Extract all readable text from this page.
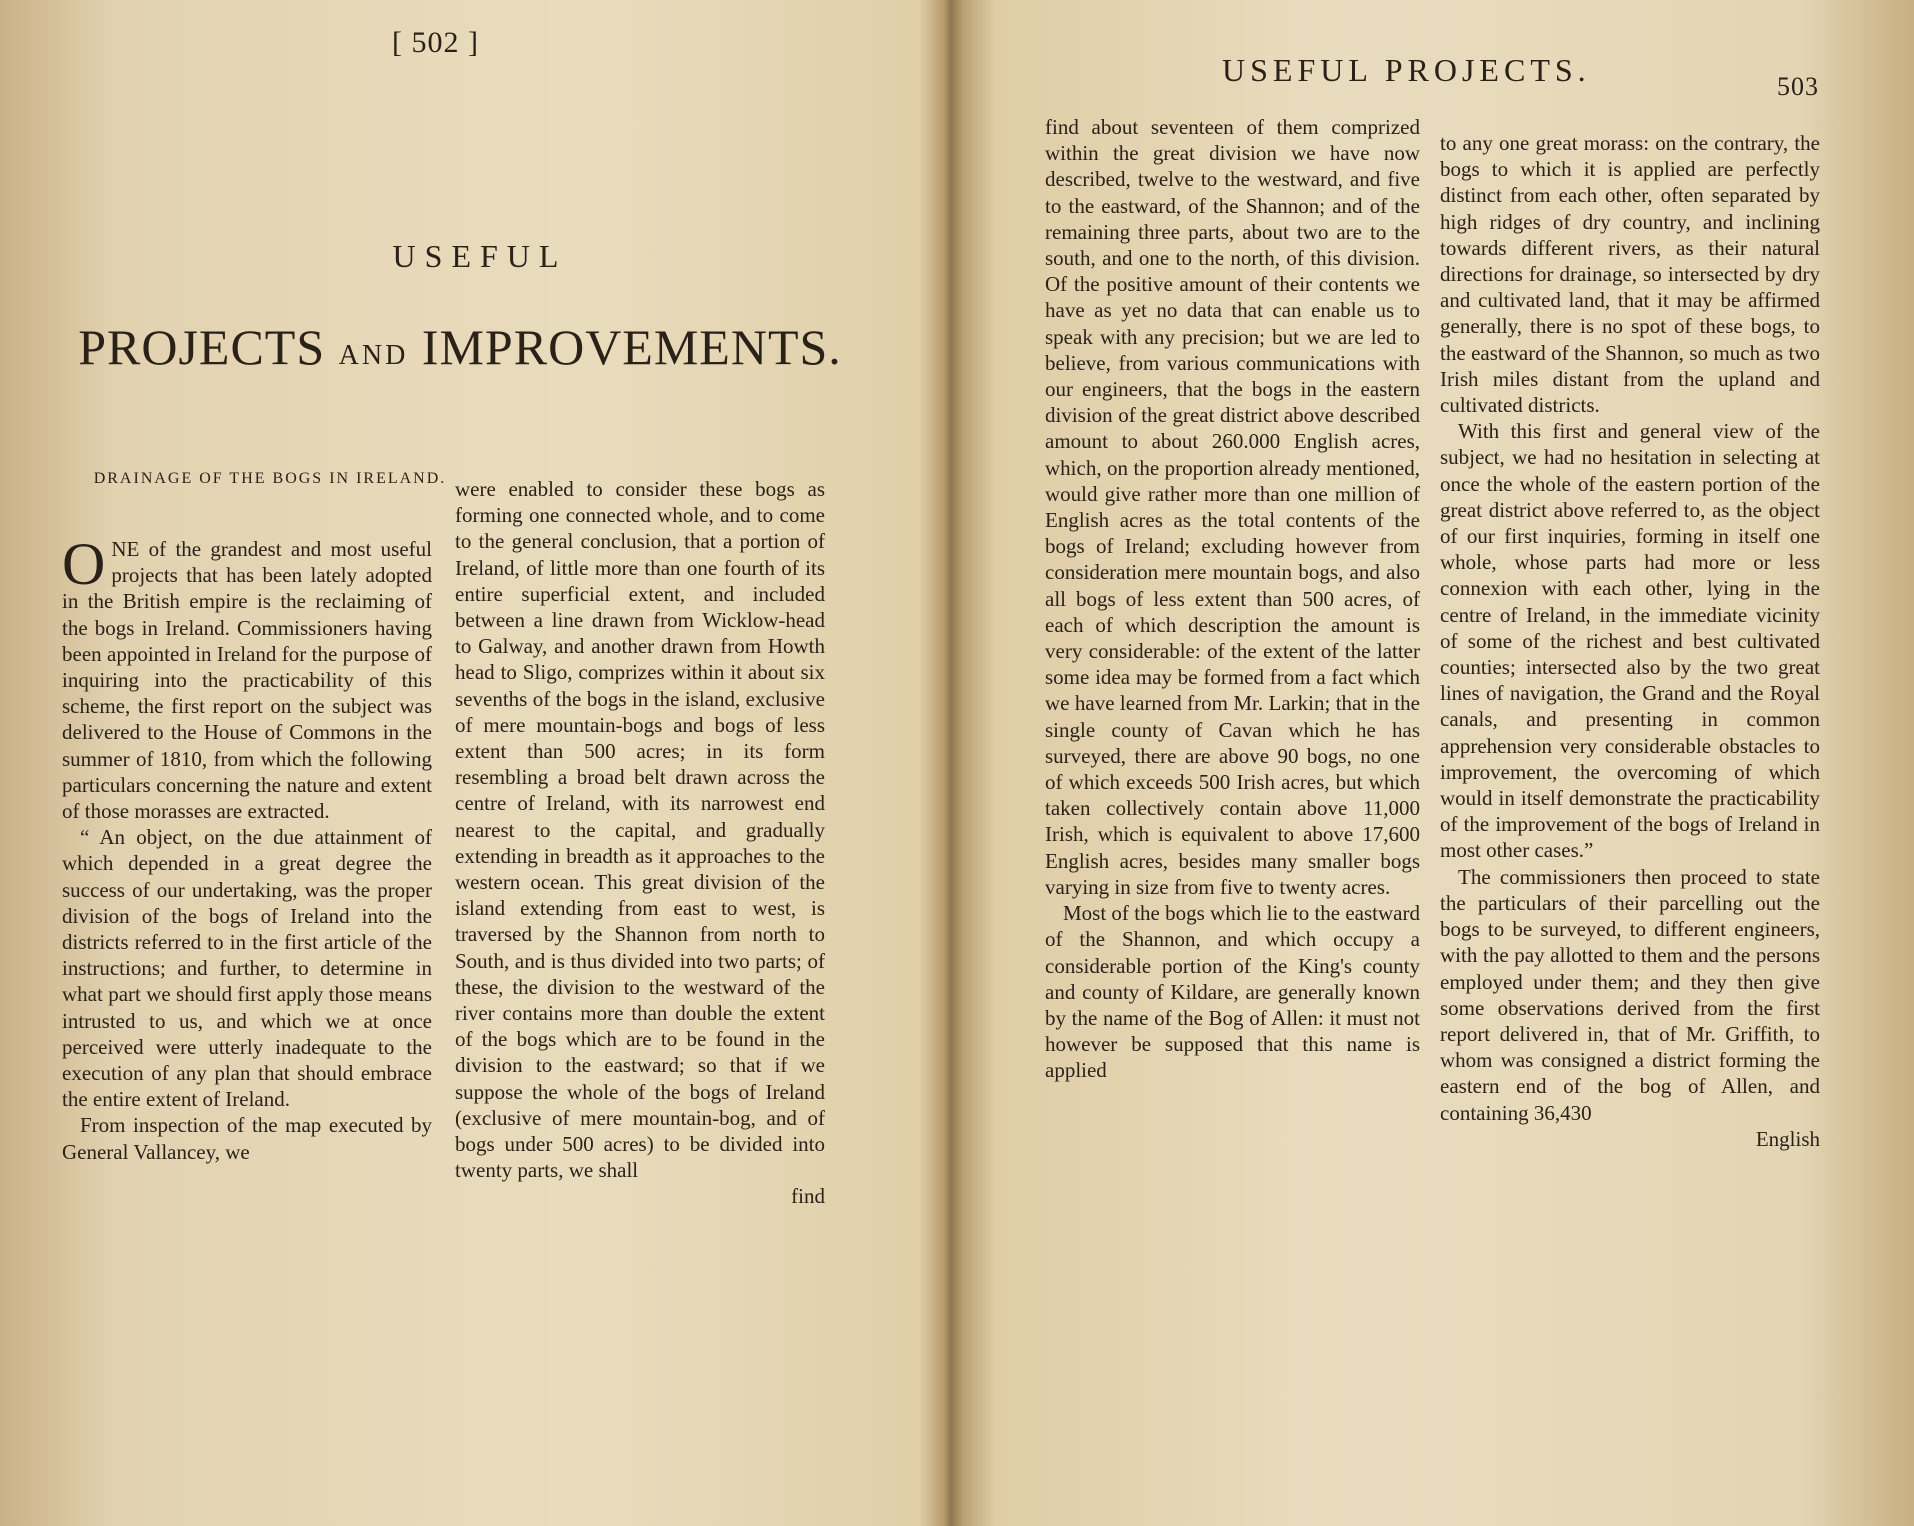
[ 502 ]
USEFUL
PROJECTS AND IMPROVEMENTS.
DRAINAGE OF THE BOGS IN IRELAND.

ONE of the grandest and most useful projects that has been lately adopted in the British empire is the reclaiming of the bogs in Ireland. Commissioners having been appointed in Ireland for the purpose of inquiring into the practicability of this scheme, the first report on the subject was delivered to the House of Commons in the summer of 1810, from which the following particulars concerning the nature and extent of those morasses are extracted.

“ An object, on the due attainment of which depended in a great degree the success of our undertaking, was the proper division of the bogs of Ireland into the districts referred to in the first article of the instructions; and further, to determine in what part we should first apply those means intrusted to us, and which we at once perceived were utterly inadequate to the execution of any plan that should embrace the entire extent of Ireland.

From inspection of the map executed by General Vallancey, we

were enabled to consider these bogs as forming one connected whole, and to come to the general conclusion, that a portion of Ireland, of little more than one fourth of its entire superficial extent, and included between a line drawn from Wicklow-head to Galway, and another drawn from Howth head to Sligo, comprizes within it about six sevenths of the bogs in the island, exclusive of mere mountain-bogs and bogs of less extent than 500 acres; in its form resembling a broad belt drawn across the centre of Ireland, with its narrowest end nearest to the capital, and gradually extending in breadth as it approaches to the western ocean. This great division of the island extending from east to west, is traversed by the Shannon from north to South, and is thus divided into two parts; of these, the division to the westward of the river contains more than double the extent of the bogs which are to be found in the division to the eastward; so that if we suppose the whole of the bogs of Ireland (exclusive of mere mountain-bog, and of bogs under 500 acres) to be divided into twenty parts, we shall

find

USEFUL PROJECTS.	503

find about seventeen of them comprized within the great division we have now described, twelve to the westward, and five to the eastward, of the Shannon; and of the remaining three parts, about two are to the south, and one to the north, of this division. Of the positive amount of their contents we have as yet no data that can enable us to speak with any precision; but we are led to believe, from various communications with our engineers, that the bogs in the eastern division of the great district above described amount to about 260.000 English acres, which, on the proportion already mentioned, would give rather more than one million of English acres as the total contents of the bogs of Ireland; excluding however from consideration mere mountain bogs, and also all bogs of less extent than 500 acres, of each of which description the amount is very considerable: of the extent of the latter some idea may be formed from a fact which we have learned from Mr. Larkin; that in the single county of Cavan which he has surveyed, there are above 90 bogs, no one of which exceeds 500 Irish acres, but which taken collectively contain above 11,000 Irish, which is equivalent to above 17,600 English acres, besides many smaller bogs varying in size from five to twenty acres.

Most of the bogs which lie to the eastward of the Shannon, and which occupy a considerable portion of the King's county and county of Kildare, are generally known by the name of the Bog of Allen: it must not however be supposed that this name is applied

to any one great morass: on the contrary, the bogs to which it is applied are perfectly distinct from each other, often separated by high ridges of dry country, and inclining towards different rivers, as their natural directions for drainage, so intersected by dry and cultivated land, that it may be affirmed generally, there is no spot of these bogs, to the eastward of the Shannon, so much as two Irish miles distant from the upland and cultivated districts.

With this first and general view of the subject, we had no hesitation in selecting at once the whole of the eastern portion of the great district above referred to, as the object of our first inquiries, forming in itself one whole, whose parts had more or less connexion with each other, lying in the centre of Ireland, in the immediate vicinity of some of the richest and best cultivated counties; intersected also by the two great lines of navigation, the Grand and the Royal canals, and presenting in common apprehension very considerable obstacles to improvement, the overcoming of which would in itself demonstrate the practicability of the improvement of the bogs of Ireland in most other cases.”

The commissioners then proceed to state the particulars of their parcelling out the bogs to be surveyed, to different engineers, with the pay allotted to them and the persons employed under them; and they then give some observations derived from the first report delivered in, that of Mr. Griffith, to whom was consigned a district forming the eastern end of the bog of Allen, and containing 36,430

English
